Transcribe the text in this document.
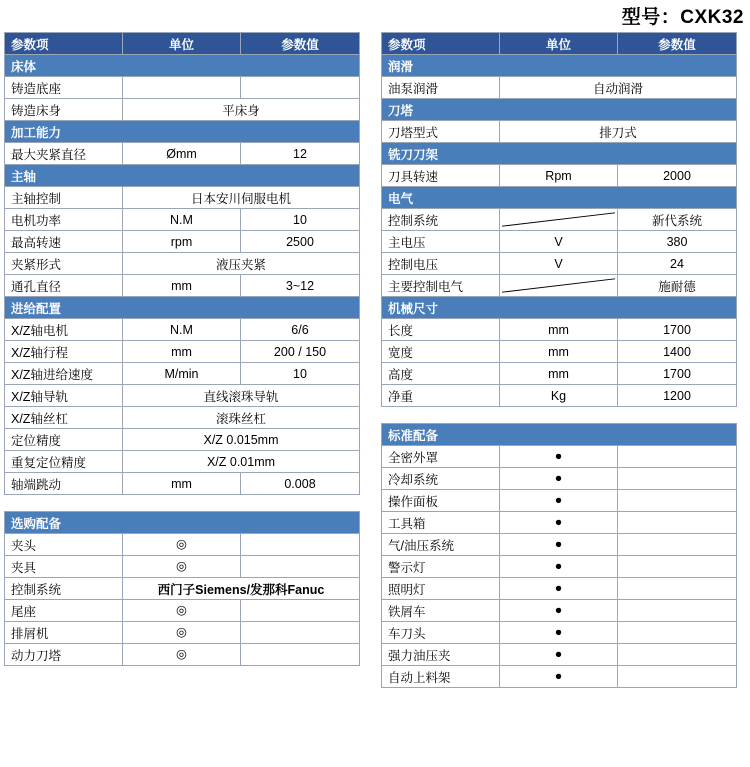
型号：CXK32
参数项	单位	参数值
床体		
铸造底座		
铸造床身	平床身	
加工能力		
最大夹紧直径	Ømm	12
主轴		
主轴控制	日本安川伺服电机	
电机功率	N.M	10
最高转速	rpm	2500
夹紧形式	液压夹紧	
通孔直径	mm	3~12
进给配置		
X/Z轴电机	N.M	6/6
X/Z轴行程	mm	200 / 150
X/Z轴进给速度	M/min	10
X/Z轴导轨	直线滚珠导轨	
X/Z轴丝杠	滚珠丝杠	
定位精度	X/Z 0.015mm	
重复定位精度	X/Z 0.01mm	
轴端跳动	mm	0.008
选购配备		
夹头	◎	
夹具	◎	
控制系统	西门子Siemens/发那科Fanuc	
尾座	◎	
排屑机	◎	
动力刀塔	◎	
参数项	单位	参数值
润滑		
油泵润滑	自动润滑	
刀塔		
刀塔型式	排刀式	
铣刀刀架		
刀具转速	Rpm	2000
电气		
控制系统		新代系统
主电压	V	380
控制电压	V	24
主要控制电气		施耐德
机械尺寸		
长度	mm	1700
宽度	mm	1400
高度	mm	1700
净重	Kg	1200
标准配备		
全密外罩	●	
冷却系统	●	
操作面板	●	
工具箱	●	
气/油压系统	●	
警示灯	●	
照明灯	●	
铁屑车	●	
车刀头	●	
强力油压夹	●	
自动上料架	●	
